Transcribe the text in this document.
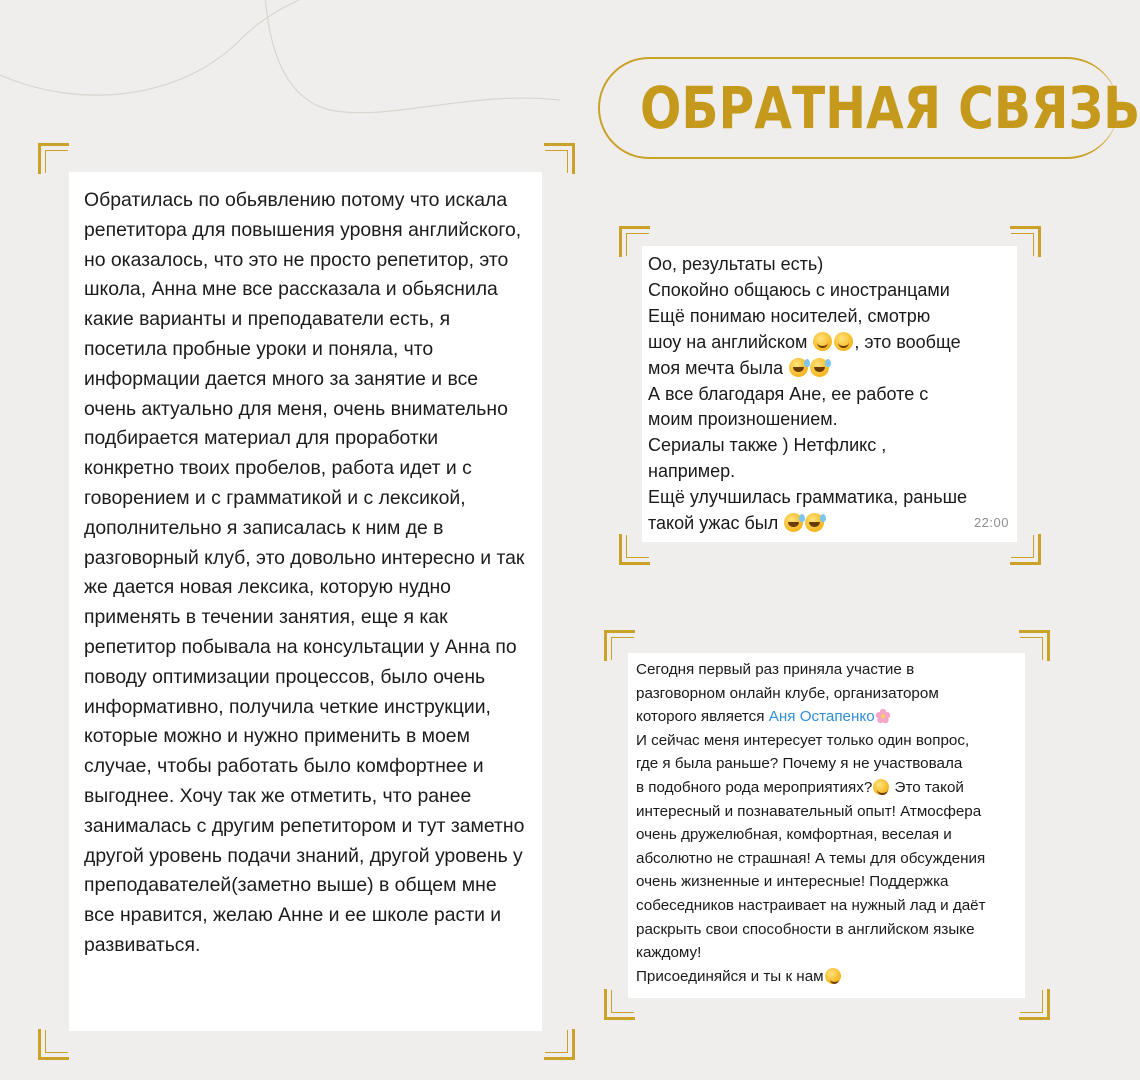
ОБРАТНАЯ СВЯЗЬ
Обратилась по обьявлению потому что искала репетитора для повышения уровня английского, но оказалось, что это не просто репетитор, это школа, Анна мне все рассказала и обьяснила какие варианты и преподаватели есть, я посетила пробные уроки и поняла, что информации дается много за занятие и все очень актуально для меня, очень внимательно подбирается материал для проработки конкретно твоих пробелов, работа идет и с говорением и с грамматикой и с лексикой, дополнительно я записалась к ним де в разговорный клуб, это довольно интересно и так же дается новая лексика, которую нудно применять в течении занятия, еще я как репетитор побывала на консультации у Анна по поводу оптимизации процессов, было очень информативно, получила четкие инструкции, которые можно и нужно применить в моем случае, чтобы работать было комфортнее и выгоднее. Хочу так же отметить, что ранее занималась с другим репетитором и тут заметно другой уровень подачи знаний, другой уровень у преподавателей(заметно выше) в общем мне все нравится, желаю Анне и ее школе расти и развиваться.
Оо, результаты есть)
Спокойно общаюсь с иностранцами
Ещё понимаю носителей, смотрю
шоу на английском	, это вообще
моя мечта была
А все благодаря Ане, ее работе с
моим произношением.
Сериалы также ) Нетфликс ,
например.
Ещё улучшилась грамматика, раньше
такой ужас был	22:00
Сегодня первый раз приняла участие в
разговорном онлайн клубе, организатором
которого является Аня Остапенко
И сейчас меня интересует только один вопрос,
где я была раньше? Почему я не участвовала
в подобного рода мероприятиях? Это такой
интересный и познавательный опыт! Атмосфера
очень дружелюбная, комфортная, веселая и
абсолютно не страшная! А темы для обсуждения
очень жизненные и интересные! Поддержка
собеседников настраивает на нужный лад и даёт
раскрыть свои способности в английском языке
каждому!
Присоединяйся и ты к нам
